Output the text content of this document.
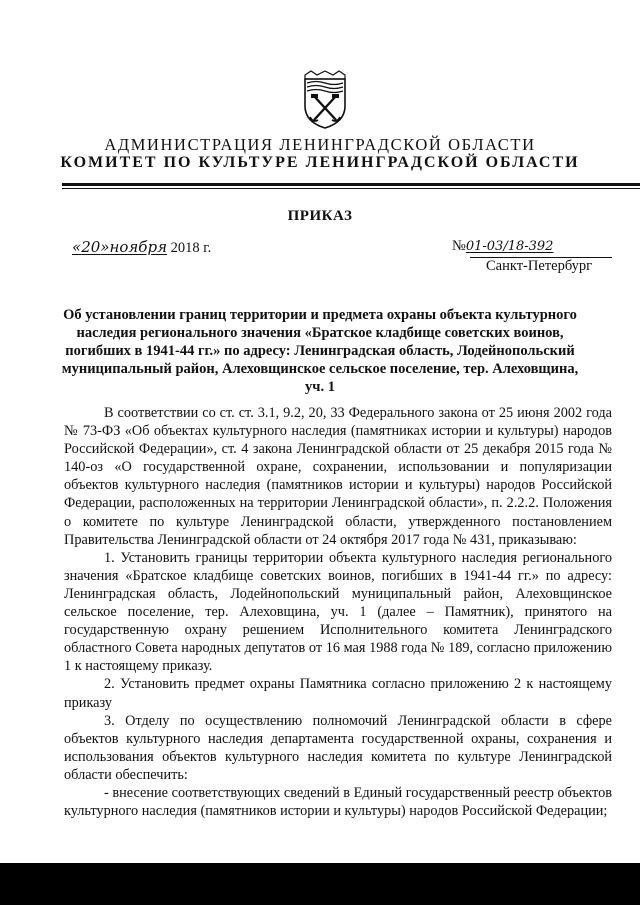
АДМИНИСТРАЦИЯ ЛЕНИНГРАДСКОЙ ОБЛАСТИ
КОМИТЕТ ПО КУЛЬТУРЕ ЛЕНИНГРАДСКОЙ ОБЛАСТИ
ПРИКАЗ
«20»ноября 2018 г.	№01-03/18-392
Санкт-Петербург
Об установлении границ территории и предмета охраны объекта культурного наследия регионального значения «Братское кладбище советских воинов, погибших в 1941-44 гг.» по адресу: Ленинградская область, Лодейнопольский муниципальный район, Алеховщинское сельское поселение, тер. Алеховщина, уч. 1

В соответствии со ст. ст. 3.1, 9.2, 20, 33 Федерального закона от 25 июня 2002 года № 73-ФЗ «Об объектах культурного наследия (памятниках истории и культуры) народов Российской Федерации», ст. 4 закона Ленинградской области от 25 декабря 2015 года № 140-оз «О государственной охране, сохранении, использовании и популяризации объектов культурного наследия (памятников истории и культуры) народов Российской Федерации, расположенных на территории Ленинградской области», п. 2.2.2. Положения о комитете по культуре Ленинградской области, утвержденного постановлением Правительства Ленинградской области от 24 октября 2017 года № 431, приказываю:

1. Установить границы территории объекта культурного наследия регионального значения «Братское кладбище советских воинов, погибших в 1941-44 гг.» по адресу: Ленинградская область, Лодейнопольский муниципальный район, Алеховщинское сельское поселение, тер. Алеховщина, уч. 1 (далее – Памятник), принятого на государственную охрану решением Исполнительного комитета Ленинградского областного Совета народных депутатов от 16 мая 1988 года № 189, согласно приложению 1 к настоящему приказу.

2. Установить предмет охраны Памятника согласно приложению 2 к настоящему приказу

3. Отделу по осуществлению полномочий Ленинградской области в сфере объектов культурного наследия департамента государственной охраны, сохранения и использования объектов культурного наследия комитета по культуре Ленинградской области обеспечить:

- внесение соответствующих сведений в Единый государственный реестр объектов культурного наследия (памятников истории и культуры) народов Российской Федерации;
